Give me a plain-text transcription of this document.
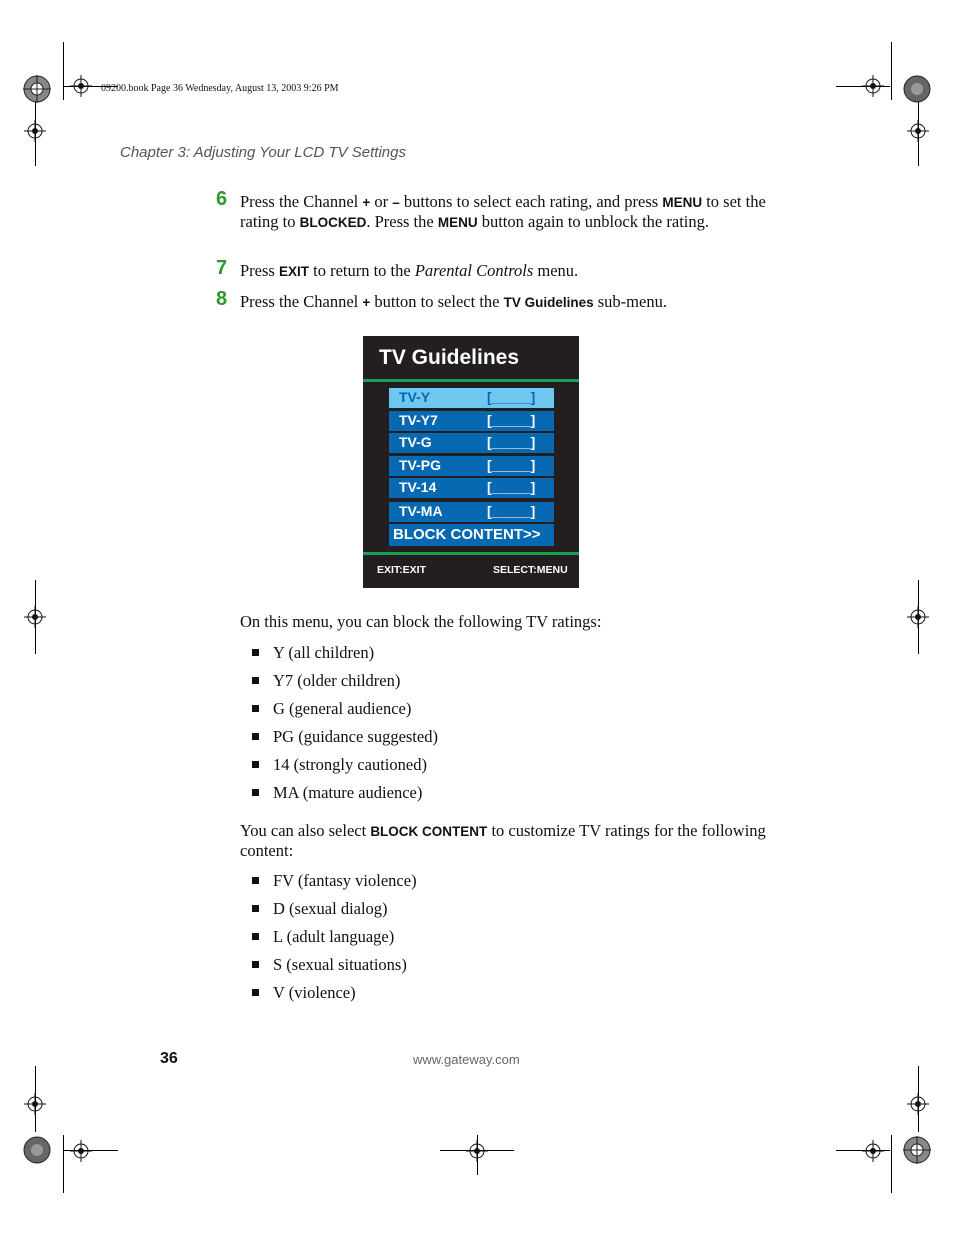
09200.book Page 36 Wednesday, August 13, 2003 9:26 PM
Chapter 3: Adjusting Your LCD TV Settings
6 Press the Channel + or – buttons to select each rating, and press MENU to set the rating to BLOCKED. Press the MENU button again to unblock the rating.
7 Press EXIT to return to the Parental Controls menu.
8 Press the Channel + button to select the TV Guidelines sub-menu.
TV Guidelines
TV-Y	[_____]
TV-Y7	[_____]
TV-G	[_____]
TV-PG	[_____]
TV-14	[_____]
TV-MA	[_____]
BLOCK CONTENT>>
EXIT:EXIT	SELECT:MENU
On this menu, you can block the following TV ratings:
Y (all children)
Y7 (older children)
G (general audience)
PG (guidance suggested)
14 (strongly cautioned)
MA (mature audience)
You can also select BLOCK CONTENT to customize TV ratings for the following content:
FV (fantasy violence)
D (sexual dialog)
L (adult language)
S (sexual situations)
V (violence)
36	www.gateway.com
